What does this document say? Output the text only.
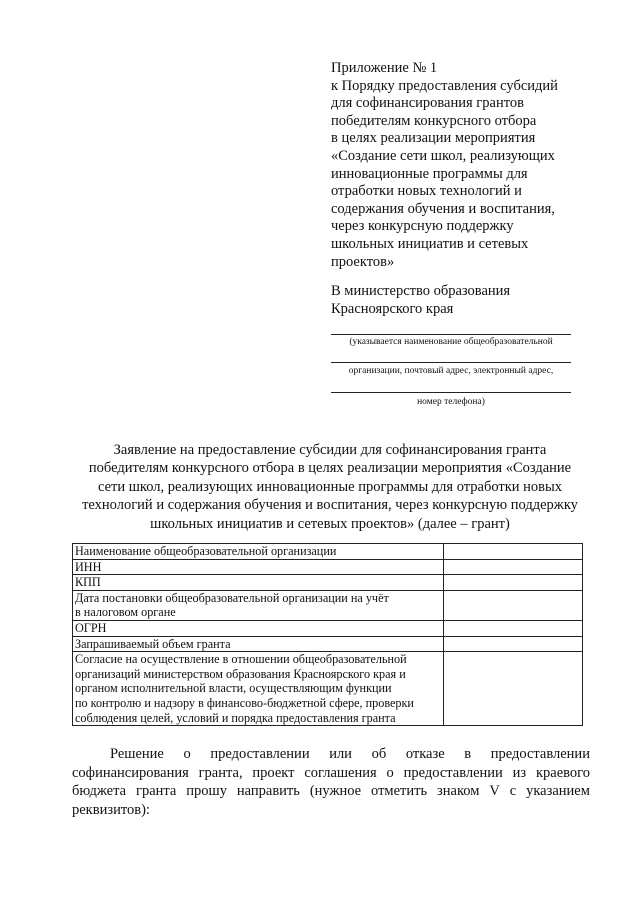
Приложение № 1
к Порядку предоставления субсидий
для софинансирования грантов
победителям конкурсного отбора
в целях реализации мероприятия
«Создание сети школ, реализующих
инновационные программы для
отработки новых технологий и
содержания обучения и воспитания,
через конкурсную поддержку
школьных инициатив и сетевых
проектов»
В министерство образования
Красноярского края
(указывается наименование общеобразовательной
организации, почтовый адрес, электронный адрес,
номер телефона)
Заявление на предоставление субсидии для софинансирования гранта
победителям конкурсного отбора в целях реализации мероприятия «Создание
сети школ, реализующих инновационные программы для отработки новых
технологий и содержания обучения и воспитания, через конкурсную поддержку
школьных инициатив и сетевых проектов» (далее – грант)
Наименование общеобразовательной организации	

ИНН	

КПП	

Дата постановки общеобразовательной организации на учёт
в налоговом органе	

ОГРН	

Запрашиваемый объем гранта	

Согласие на осуществление в отношении общеобразовательной
организаций министерством образования Красноярского края и
органом исполнительной власти, осуществляющим функции
по контролю и надзору в финансово-бюджетной сфере, проверки
соблюдения целей, условий и порядка предоставления гранта	

Решение о предоставлении или об отказе в предоставлении
софинансирования гранта, проект соглашения о предоставлении из краевого
бюджета гранта прошу направить (нужное отметить знаком V с указанием
реквизитов):
